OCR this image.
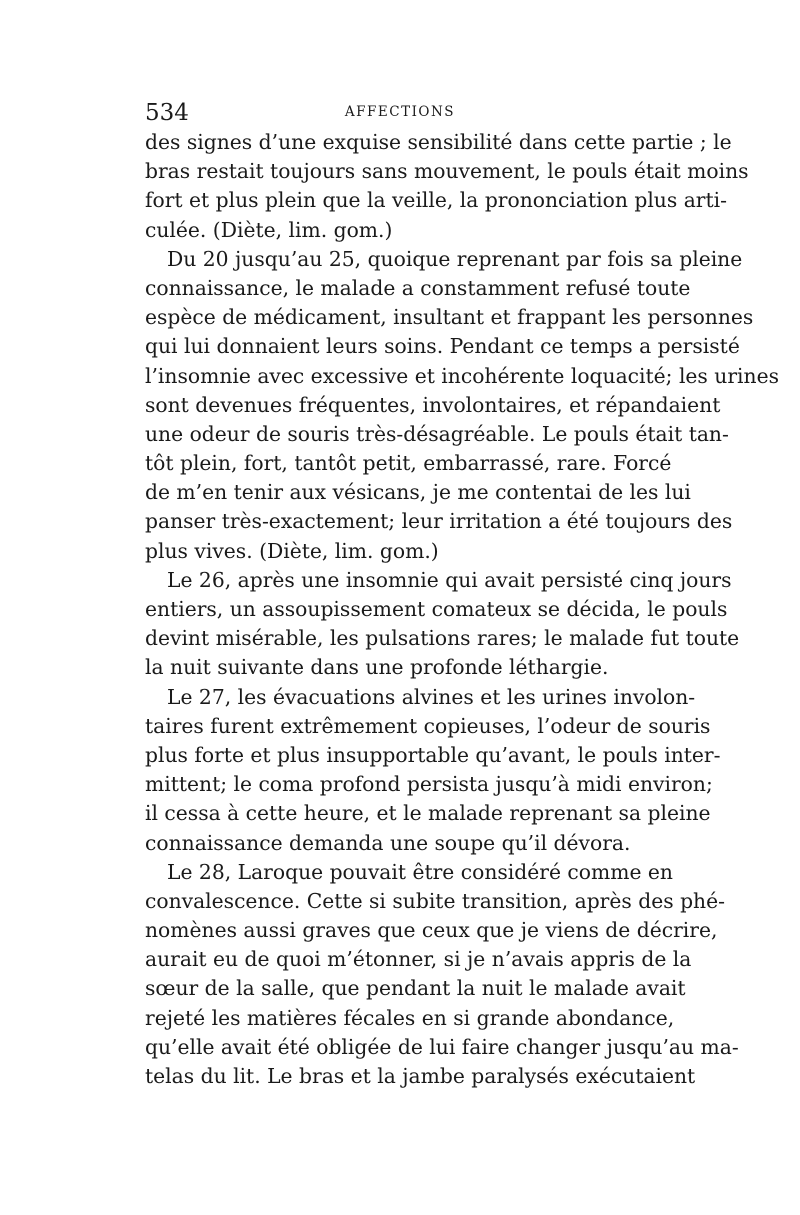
534	AFFECTIONS
des signes d’une exquise sensibilité dans cette partie ; le
bras restait toujours sans mouvement, le pouls était moins
fort et plus plein que la veille, la prononciation plus arti-
culée. (Diète, lim. gom.)
Du 20 jusqu’au 25, quoique reprenant par fois sa pleine
connaissance, le malade a constamment refusé toute
espèce de médicament, insultant et frappant les personnes
qui lui donnaient leurs soins. Pendant ce temps a persisté
l’insomnie avec excessive et incohérente loquacité; les urines
sont devenues fréquentes, involontaires, et répandaient
une odeur de souris très-désagréable. Le pouls était tan-
tôt plein, fort, tantôt petit, embarrassé, rare. Forcé
de m’en tenir aux vésicans, je me contentai de les lui
panser très-exactement; leur irritation a été toujours des
plus vives. (Diète, lim. gom.)
Le 26, après une insomnie qui avait persisté cinq jours
entiers, un assoupissement comateux se décida, le pouls
devint misérable, les pulsations rares; le malade fut toute
la nuit suivante dans une profonde léthargie.
Le 27, les évacuations alvines et les urines involon-
taires furent extrêmement copieuses, l’odeur de souris
plus forte et plus insupportable qu’avant, le pouls inter-
mittent; le coma profond persista jusqu’à midi environ;
il cessa à cette heure, et le malade reprenant sa pleine
connaissance demanda une soupe qu’il dévora.
Le 28, Laroque pouvait être considéré comme en
convalescence. Cette si subite transition, après des phé-
nomènes aussi graves que ceux que je viens de décrire,
aurait eu de quoi m’étonner, si je n’avais appris de la
sœur de la salle, que pendant la nuit le malade avait
rejeté les matières fécales en si grande abondance,
qu’elle avait été obligée de lui faire changer jusqu’au ma-
telas du lit. Le bras et la jambe paralysés exécutaient
